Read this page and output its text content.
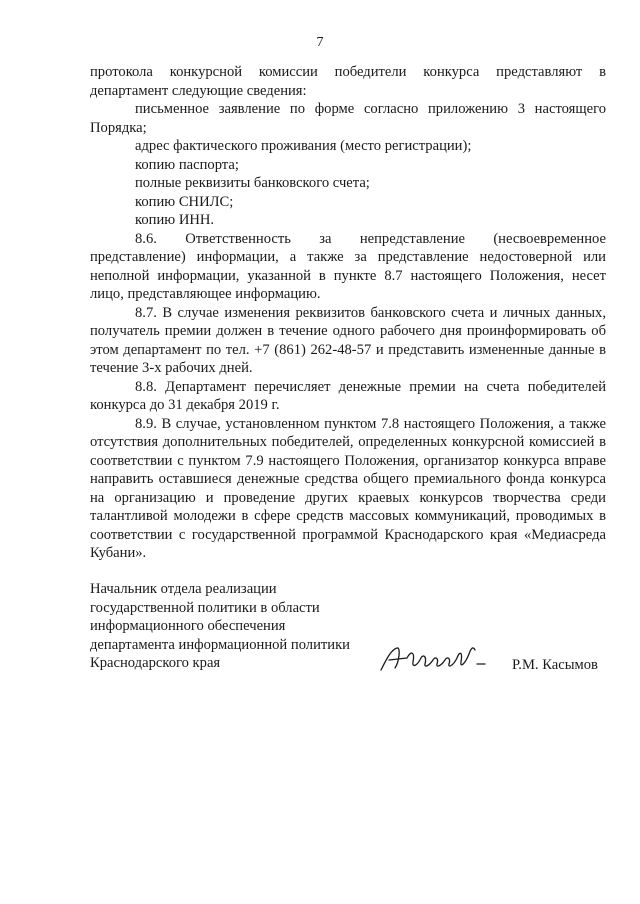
7

протокола конкурсной комиссии победители конкурса представляют в департамент следующие сведения:

письменное заявление по форме согласно приложению 3 настоящего Порядка;
адрес фактического проживания (место регистрации);
копию паспорта;
полные реквизиты банковского счета;
копию СНИЛС;
копию ИНН.

8.6. Ответственность за непредставление (несвоевременное представление) информации, а также за представление недостоверной или неполной информации, указанной в пункте 8.7 настоящего Положения, несет лицо, представляющее информацию.

8.7. В случае изменения реквизитов банковского счета и личных данных, получатель премии должен в течение одного рабочего дня проинформировать об этом департамент по тел. +7 (861) 262-48-57 и представить измененные данные в течение 3-х рабочих дней.

8.8. Департамент перечисляет денежные премии на счета победителей конкурса до 31 декабря 2019 г.

8.9. В случае, установленном пунктом 7.8 настоящего Положения, а также отсутствия дополнительных победителей, определенных конкурсной комиссией в соответствии с пунктом 7.9 настоящего Положения, организатор конкурса вправе направить оставшиеся денежные средства общего премиального фонда конкурса на организацию и проведение других краевых конкурсов творчества среди талантливой молодежи в сфере средств массовых коммуникаций, проводимых в соответствии с государственной программой Краснодарского края «Медиасреда Кубани».

Начальник отдела реализации
государственной политики в области
информационного обеспечения
департамента информационной политики
Краснодарского края	Р.М. Касымов
